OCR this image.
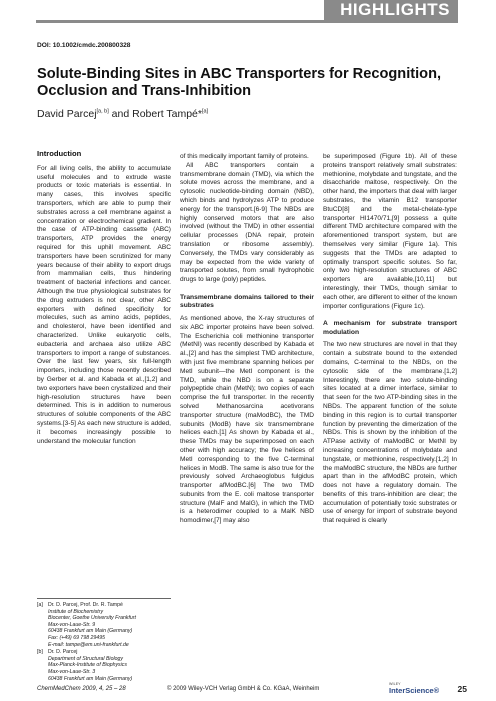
HIGHLIGHTS
DOI: 10.1002/cmdc.200800328
Solute-Binding Sites in ABC Transporters for Recognition, Occlusion and Trans-Inhibition
David Parcej[a, b] and Robert Tampé*[a]
Introduction

For all living cells, the ability to accumulate useful molecules and to extrude waste products or toxic materials is essential. In many cases, this involves specific transporters, which are able to pump their substrates across a cell membrane against a concentration or electrochemical gradient. In the case of ATP-binding cassette (ABC) transporters, ATP provides the energy required for this uphill movement. ABC transporters have been scrutinized for many years because of their ability to export drugs from mammalian cells, thus hindering treatment of bacterial infections and cancer. Although the true physiological substrates for the drug extruders is not clear, other ABC exporters with defined specificity for molecules, such as amino acids, peptides, and cholesterol, have been identified and characterized. Unlike eukaryotic cells, eubacteria and archaea also utilize ABC transporters to import a range of substances. Over the last few years, six full-length importers, including those recently described by Gerber et al. and Kabada et al.,[1,2] and two exporters have been crystallized and their high-resolution structures have been determined. This is in addition to numerous structures of soluble components of the ABC systems.[3-5] As each new structure is added, it becomes increasingly possible to understand the molecular function

of this medically important family of proteins.

All ABC transporters contain a transmembrane domain (TMD), via which the solute moves across the membrane, and a cytosolic nucleotide-binding domain (NBD), which binds and hydrolyzes ATP to produce energy for the transport.[6-9] The NBDs are highly conserved motors that are also involved (without the TMD) in other essential cellular processes (DNA repair, protein translation or ribosome assembly). Conversely, the TMDs vary considerably as may be expected from the wide variety of transported solutes, from small hydrophobic drugs to large (poly) peptides.

Transmembrane domains tailored to their substrates

As mentioned above, the X-ray structures of six ABC importer proteins have been solved. The Escherichia coli methionine transporter (MetNI) was recently described by Kabada et al.,[2] and has the simplest TMD architecture, with just five membrane spanning helices per MetI subunit—the MetI component is the TMD, while the NBD is on a separate polypeptide chain (MetN); two copies of each comprise the full transporter. In the recently solved Methanosarcina acetivorans transporter structure (maModBC), the TMD subunits (ModB) have six transmembrane helices each.[1] As shown by Kabada et al., these TMDs may be superimposed on each other with high accuracy; the five helices of MetI corresponding to the five C-terminal helices in ModB. The same is also true for the previously solved Archaeoglobus fulgidus transporter afModBC.[6] The two TMD subunits from the E. coli maltose transporter structure (MalF and MalG), in which the TMD is a heterodimer coupled to a MalK NBD homodimer,[7] may also

be superimposed (Figure 1b). All of these proteins transport relatively small substrates: methionine, molybdate and tungstate, and the disaccharide maltose, respectively. On the other hand, the importers that deal with larger substrates, the vitamin B12 transporter BtuCD[8] and the metal-chelate-type transporter HI1470/71,[9] possess a quite different TMD architecture compared with the aforementioned transport system, but are themselves very similar (Figure 1a). This suggests that the TMDs are adapted to optimally transport specific solutes. So far, only two high-resolution structures of ABC exporters are available,[10,11] but interestingly, their TMDs, though similar to each other, are different to either of the known importer configurations (Figure 1c).

A mechanism for substrate transport modulation

The two new structures are novel in that they contain a substrate bound to the extended domains, C-terminal to the NBDs, on the cytosolic side of the membrane.[1,2] Interestingly, there are two solute-binding sites located at a dimer interface, similar to that seen for the two ATP-binding sites in the NBDs. The apparent function of the solute binding in this region is to curtail transporter function by preventing the dimerization of the NBDs. This is shown by the inhibition of the ATPase activity of maModBC or MetNI by increasing concentrations of molybdate and tungstate, or methionine, respectively.[1,2] In the maModBC structure, the NBDs are further apart than in the afModBC protein, which does not have a regulatory domain. The benefits of this trans-inhibition are clear; the accumulation of potentially toxic substrates or use of energy for import of substrate beyond that required is clearly

[a] Dr. D. Parcej, Prof. Dr. R. Tampé
Institute of Biochemistry
Biocenter, Goethe University Frankfurt
Max-von-Laue-Str. 9
60438 Frankfurt am Main (Germany)
Fax: (+49) 69 798 29495
E-mail: tampe@em.uni-frankfurt.de
[b] Dr. D. Parcej
Department of Structural Biology
Max-Planck-Institute of Biophysics
Max-von-Laue-Str. 3
60438 Frankfurt am Main (Germany)
ChemMedChem 2009, 4, 25 – 28	© 2009 Wiley-VCH Verlag GmbH & Co. KGaA, Weinheim
WILEY
InterScience® 25
